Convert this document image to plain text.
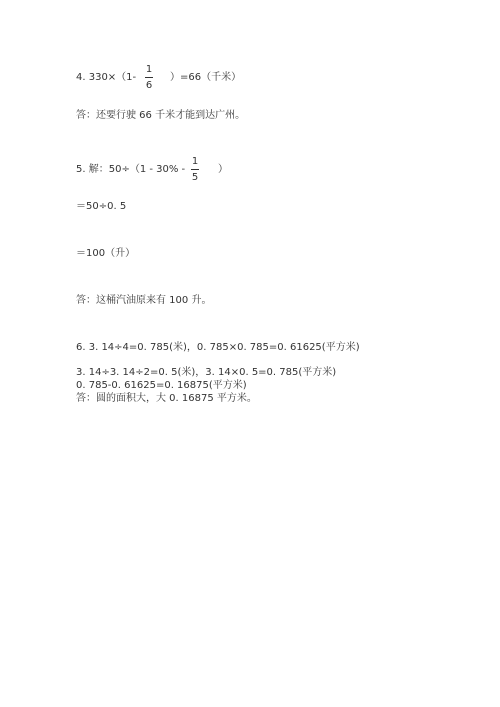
4. 330×（1-
1
6
）=66（千米）
答：还要行驶 66 千米才能到达广州。
5. 解：50÷（1 - 30% -
1
5
）
＝50÷0. 5
＝100（升）
答：这桶汽油原来有 100 升。
6. 3. 14÷4=0. 785(米)，0. 785×0. 785=0. 61625(平方米)
3. 14÷3. 14÷2=0. 5(米)，3. 14×0. 5=0. 785(平方米)
0. 785-0. 61625=0. 16875(平方米)
答：圆的面积大，大 0. 16875 平方米。
